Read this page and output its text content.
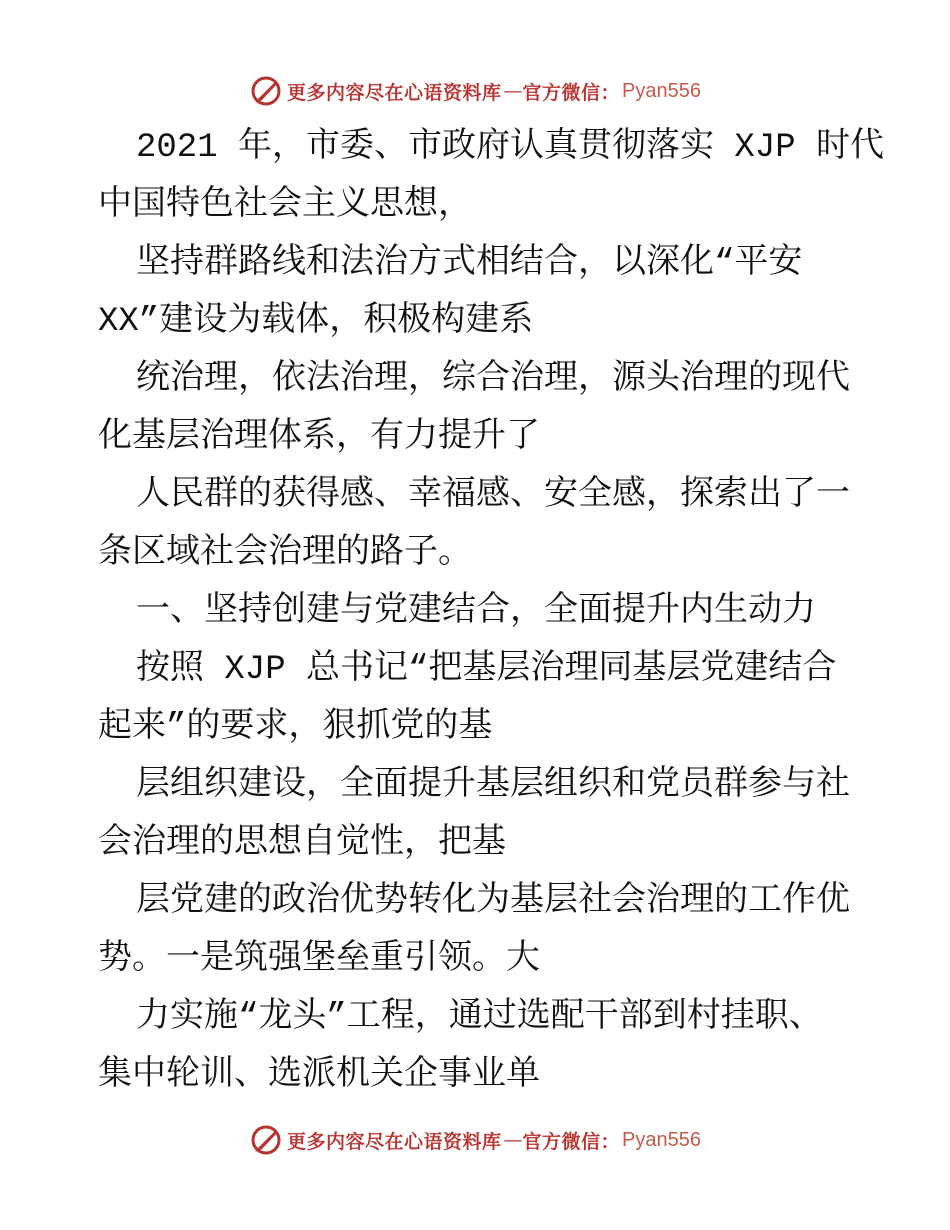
更多内容尽在心语资料库 — 官方微信： Pyan556
2021 年，市委、市政府认真贯彻落实 XJP 时代
中国特色社会主义思想，
坚持群路线和法治方式相结合，以深化“平安
XX”建设为载体，积极构建系
统治理，依法治理，综合治理，源头治理的现代
化基层治理体系，有力提升了
人民群的获得感、幸福感、安全感，探索出了一
条区域社会治理的路子。
一、坚持创建与党建结合，全面提升内生动力
按照 XJP 总书记“把基层治理同基层党建结合
起来”的要求，狠抓党的基
层组织建设，全面提升基层组织和党员群参与社
会治理的思想自觉性，把基
层党建的政治优势转化为基层社会治理的工作优
势。一是筑强堡垒重引领。大
力实施“龙头”工程，通过选配干部到村挂职、
集中轮训、选派机关企事业单
更多内容尽在心语资料库 — 官方微信： Pyan556
